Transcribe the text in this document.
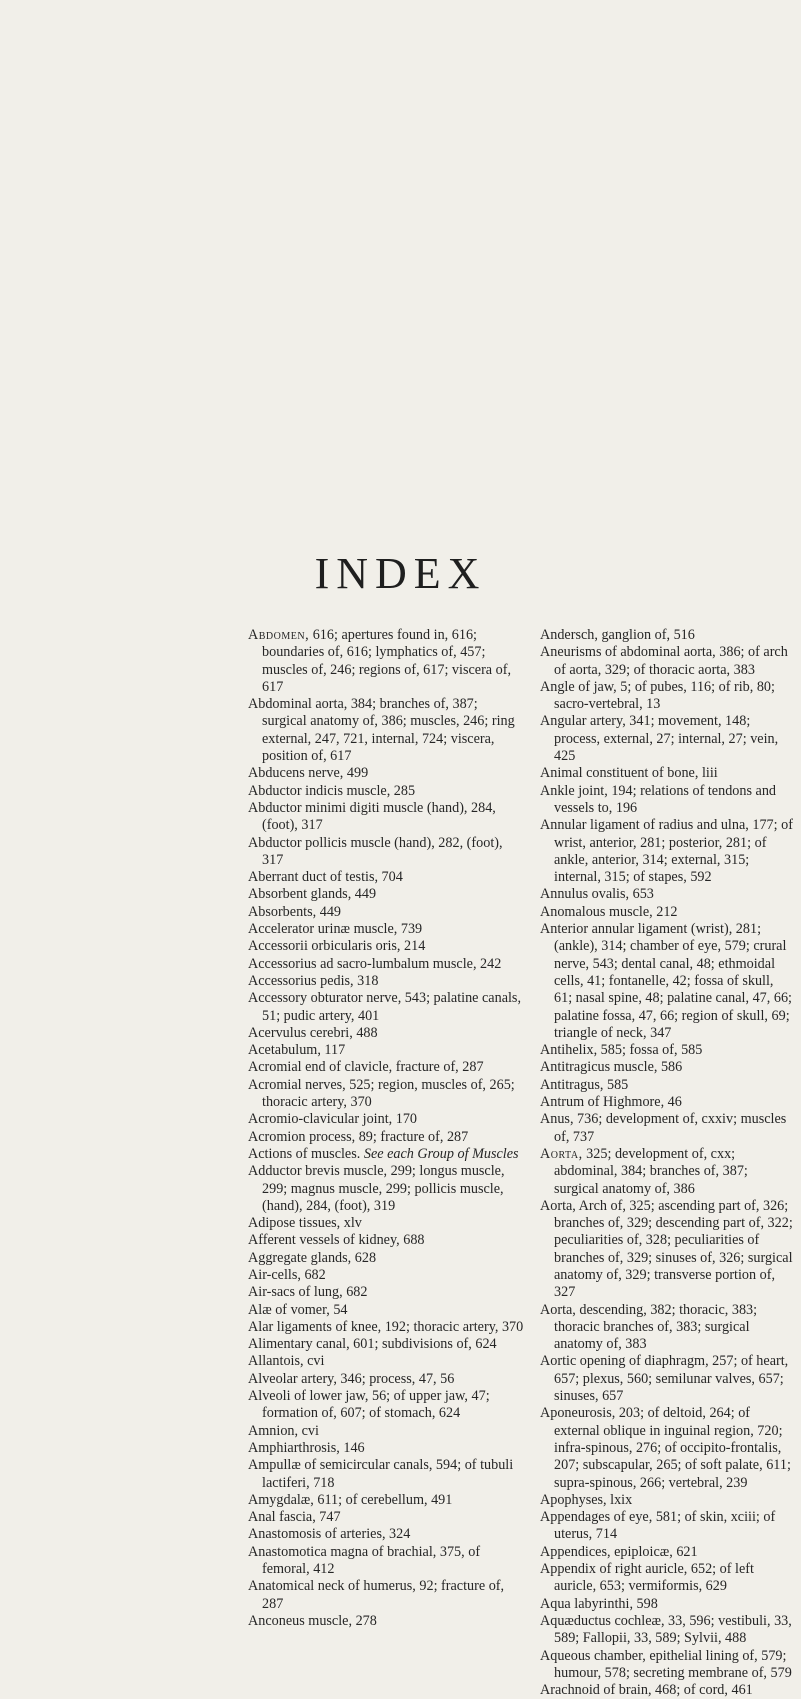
INDEX
Abdomen, 616; apertures found in, 616; boundaries of, 616; lymphatics of, 457; muscles of, 246; regions of, 617; viscera of, 617
Abdominal aorta, 384; branches of, 387; surgical anatomy of, 386; muscles, 246; ring external, 247, 721, internal, 724; viscera, position of, 617
Abducens nerve, 499
Abductor indicis muscle, 285
Abductor minimi digiti muscle (hand), 284, (foot), 317
Abductor pollicis muscle (hand), 282, (foot), 317
Aberrant duct of testis, 704
Absorbent glands, 449
Absorbents, 449
Accelerator urinæ muscle, 739
Accessorii orbicularis oris, 214
Accessorius ad sacro-lumbalum muscle, 242
Accessorius pedis, 318
Accessory obturator nerve, 543; palatine canals, 51; pudic artery, 401
Acervulus cerebri, 488
Acetabulum, 117
Acromial end of clavicle, fracture of, 287
Acromial nerves, 525; region, muscles of, 265; thoracic artery, 370
Acromio-clavicular joint, 170
Acromion process, 89; fracture of, 287
Actions of muscles. See each Group of Muscles
Adductor brevis muscle, 299; longus muscle, 299; magnus muscle, 299; pollicis muscle, (hand), 284, (foot), 319
Adipose tissues, xlv
Afferent vessels of kidney, 688
Aggregate glands, 628
Air-cells, 682
Air-sacs of lung, 682
Alæ of vomer, 54
Alar ligaments of knee, 192; thoracic artery, 370
Alimentary canal, 601; subdivisions of, 624
Allantois, cvi
Alveolar artery, 346; process, 47, 56
Alveoli of lower jaw, 56; of upper jaw, 47; formation of, 607; of stomach, 624
Amnion, cvi
Amphiarthrosis, 146
Ampullæ of semicircular canals, 594; of tubuli lactiferi, 718
Amygdalæ, 611; of cerebellum, 491
Anal fascia, 747
Anastomosis of arteries, 324
Anastomotica magna of brachial, 375, of femoral, 412
Anatomical neck of humerus, 92; fracture of, 287
Anconeus muscle, 278
Andersch, ganglion of, 516
Aneurisms of abdominal aorta, 386; of arch of aorta, 329; of thoracic aorta, 383
Angle of jaw, 5; of pubes, 116; of rib, 80; sacro-vertebral, 13
Angular artery, 341; movement, 148; process, external, 27; internal, 27; vein, 425
Animal constituent of bone, liii
Ankle joint, 194; relations of tendons and vessels to, 196
Annular ligament of radius and ulna, 177; of wrist, anterior, 281; posterior, 281; of ankle, anterior, 314; external, 315; internal, 315; of stapes, 592
Annulus ovalis, 653
Anomalous muscle, 212
Anterior annular ligament (wrist), 281; (ankle), 314; chamber of eye, 579; crural nerve, 543; dental canal, 48; ethmoidal cells, 41; fontanelle, 42; fossa of skull, 61; nasal spine, 48; palatine canal, 47, 66; palatine fossa, 47, 66; region of skull, 69; triangle of neck, 347
Antihelix, 585; fossa of, 585
Antitragicus muscle, 586
Antitragus, 585
Antrum of Highmore, 46
Anus, 736; development of, cxxiv; muscles of, 737
Aorta, 325; development of, cxx; abdominal, 384; branches of, 387; surgical anatomy of, 386
Aorta, Arch of, 325; ascending part of, 326; branches of, 329; descending part of, 322; peculiarities of, 328; peculiarities of branches of, 329; sinuses of, 326; surgical anatomy of, 329; transverse portion of, 327
Aorta, descending, 382; thoracic, 383; thoracic branches of, 383; surgical anatomy of, 383
Aortic opening of diaphragm, 257; of heart, 657; plexus, 560; semilunar valves, 657; sinuses, 657
Aponeurosis, 203; of deltoid, 264; of external oblique in inguinal region, 720; infra-spinous, 276; of occipito-frontalis, 207; subscapular, 265; of soft palate, 611; supra-spinous, 266; vertebral, 239
Apophyses, lxix
Appendages of eye, 581; of skin, xciii; of uterus, 714
Appendices, epiploicæ, 621
Appendix of right auricle, 652; of left auricle, 653; vermiformis, 629
Aqua labyrinthi, 598
Aquæductus cochleæ, 33, 596; vestibuli, 33, 589; Fallopii, 33, 589; Sylvii, 488
Aqueous chamber, epithelial lining of, 579; humour, 578; secreting membrane of, 579
Arachnoid of brain, 468; of cord, 461
